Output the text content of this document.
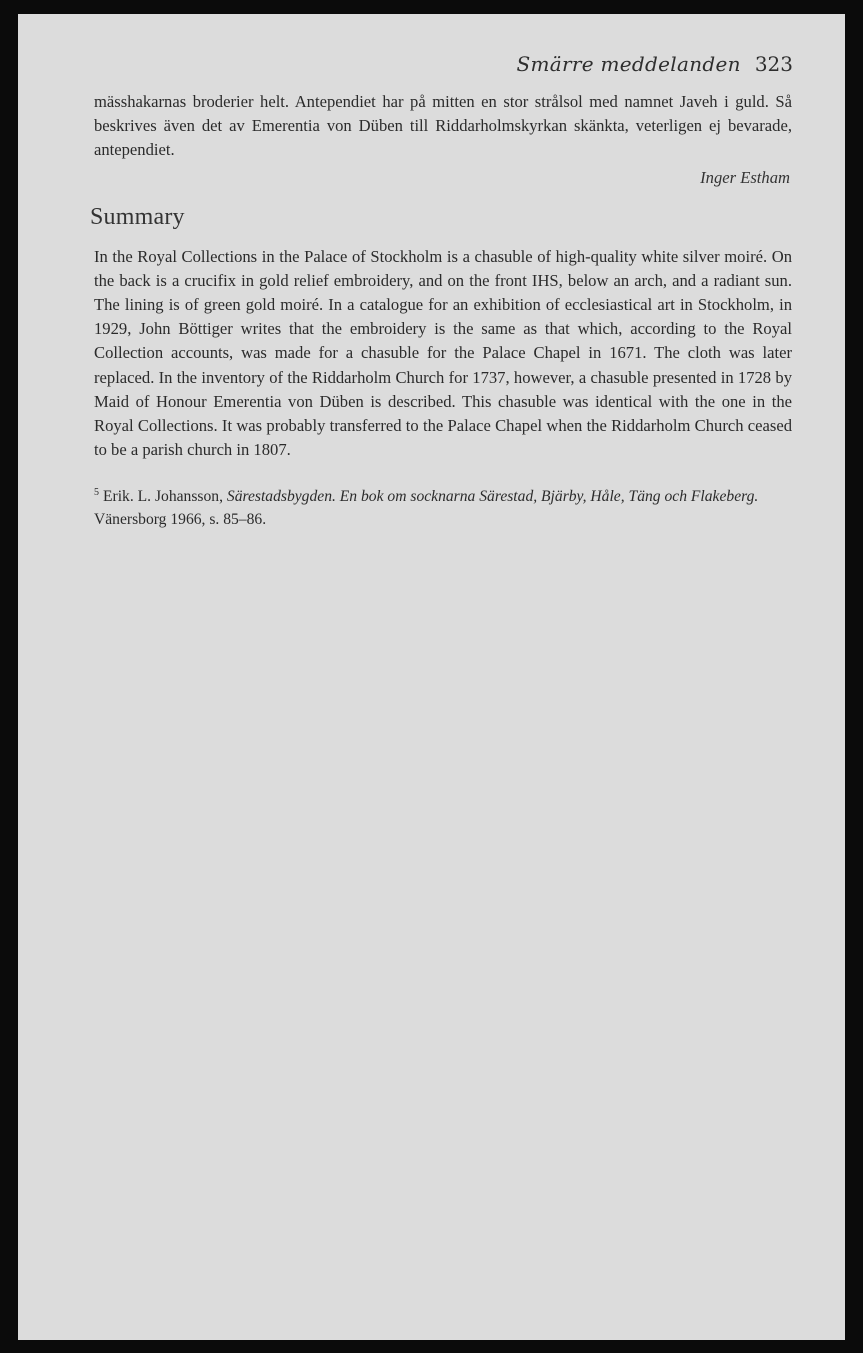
Smärre meddelanden 323

mässhakarnas broderier helt. Antependiet har på mitten en stor strålsol med namnet Javeh i guld. Så beskrives även det av Emerentia von Düben till Riddarholmskyrkan skänkta, veterligen ej bevarade, antependiet.

Inger Estham
Summary

In the Royal Collections in the Palace of Stockholm is a chasuble of high-quality white silver moiré. On the back is a crucifix in gold relief embroidery, and on the front IHS, below an arch, and a radiant sun. The lining is of green gold moiré. In a catalogue for an exhibition of ecclesiastical art in Stockholm, in 1929, John Böttiger writes that the embroidery is the same as that which, according to the Royal Collection accounts, was made for a chasuble for the Palace Chapel in 1671. The cloth was later replaced. In the inventory of the Riddarholm Church for 1737, however, a chasuble presented in 1728 by Maid of Honour Emerentia von Düben is described. This chasuble was identical with the one in the Royal Collections. It was probably transferred to the Palace Chapel when the Riddarholm Church ceased to be a parish church in 1807.

$^5$ Erik. L. Johansson, Särestadsbygden. En bok om socknarna Särestad, Bjärby, Håle, Täng och Flakeberg. Vänersborg 1966, s. 85–86.
